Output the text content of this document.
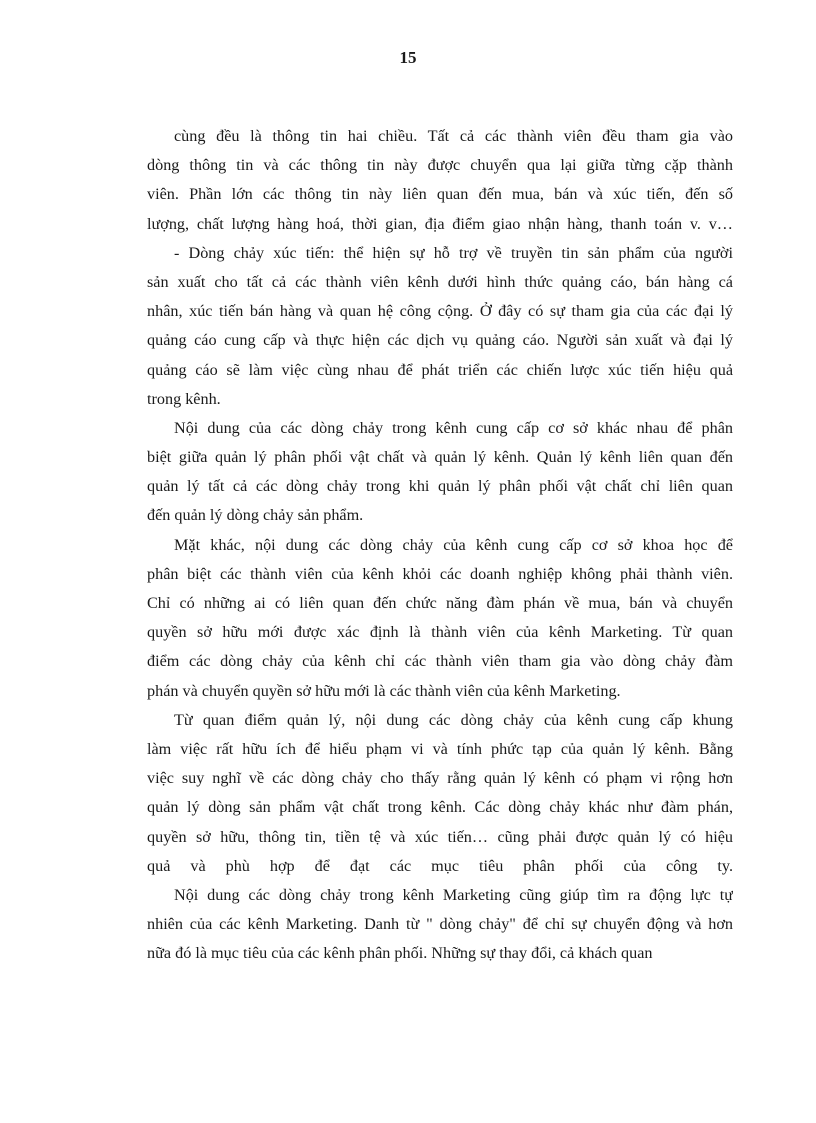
15
cùng đều là thông tin hai chiều. Tất cả các thành viên đều tham gia vào
dòng thông tin và các thông tin này được chuyển qua lại giữa từng cặp thành
viên. Phần lớn các thông tin này liên quan đến mua, bán và xúc tiến, đến số
lượng, chất lượng hàng hoá, thời gian, địa điểm giao nhận hàng, thanh toán v. v…
- Dòng chảy xúc tiến: thể hiện sự hỗ trợ về truyền tin sản phẩm của người
sản xuất cho tất cả các thành viên kênh dưới hình thức quảng cáo, bán hàng cá
nhân, xúc tiến bán hàng và quan hệ công cộng. Ở đây có sự tham gia của các đại lý
quảng cáo cung cấp và thực hiện các dịch vụ quảng cáo. Người sản xuất và đại lý
quảng cáo sẽ làm việc cùng nhau để phát triển các chiến lược xúc tiến hiệu quả
trong kênh.
Nội dung của các dòng chảy trong kênh cung cấp cơ sở khác nhau để phân
biệt giữa quản lý phân phối vật chất và quản lý kênh. Quản lý kênh liên quan đến
quản lý tất cả các dòng chảy trong khi quản lý phân phối vật chất chỉ liên quan
đến quản lý dòng chảy sản phẩm.
Mặt khác, nội dung các dòng chảy của kênh cung cấp cơ sở khoa học để
phân biệt các thành viên của kênh khỏi các doanh nghiệp không phải thành viên.
Chỉ có những ai có liên quan đến chức năng đàm phán về mua, bán và chuyển
quyền sở hữu mới được xác định là thành viên của kênh Marketing. Từ quan
điểm các dòng chảy của kênh chỉ các thành viên tham gia vào dòng chảy đàm
phán và chuyển quyền sở hữu mới là các thành viên của kênh Marketing.
Từ quan điểm quản lý, nội dung các dòng chảy của kênh cung cấp khung
làm việc rất hữu ích để hiểu phạm vi và tính phức tạp của quản lý kênh. Bằng
việc suy nghĩ về các dòng chảy cho thấy rằng quản lý kênh có phạm vi rộng hơn
quản lý dòng sản phẩm vật chất trong kênh. Các dòng chảy khác như đàm phán,
quyền sở hữu, thông tin, tiền tệ và xúc tiến… cũng phải được quản lý có hiệu
quả và phù hợp để đạt các mục tiêu phân phối của công ty.
Nội dung các dòng chảy trong kênh Marketing cũng giúp tìm ra động lực tự
nhiên của các kênh Marketing. Danh từ " dòng chảy" để chỉ sự chuyển động và hơn
nữa đó là mục tiêu của các kênh phân phối. Những sự thay đổi, cả khách quan
